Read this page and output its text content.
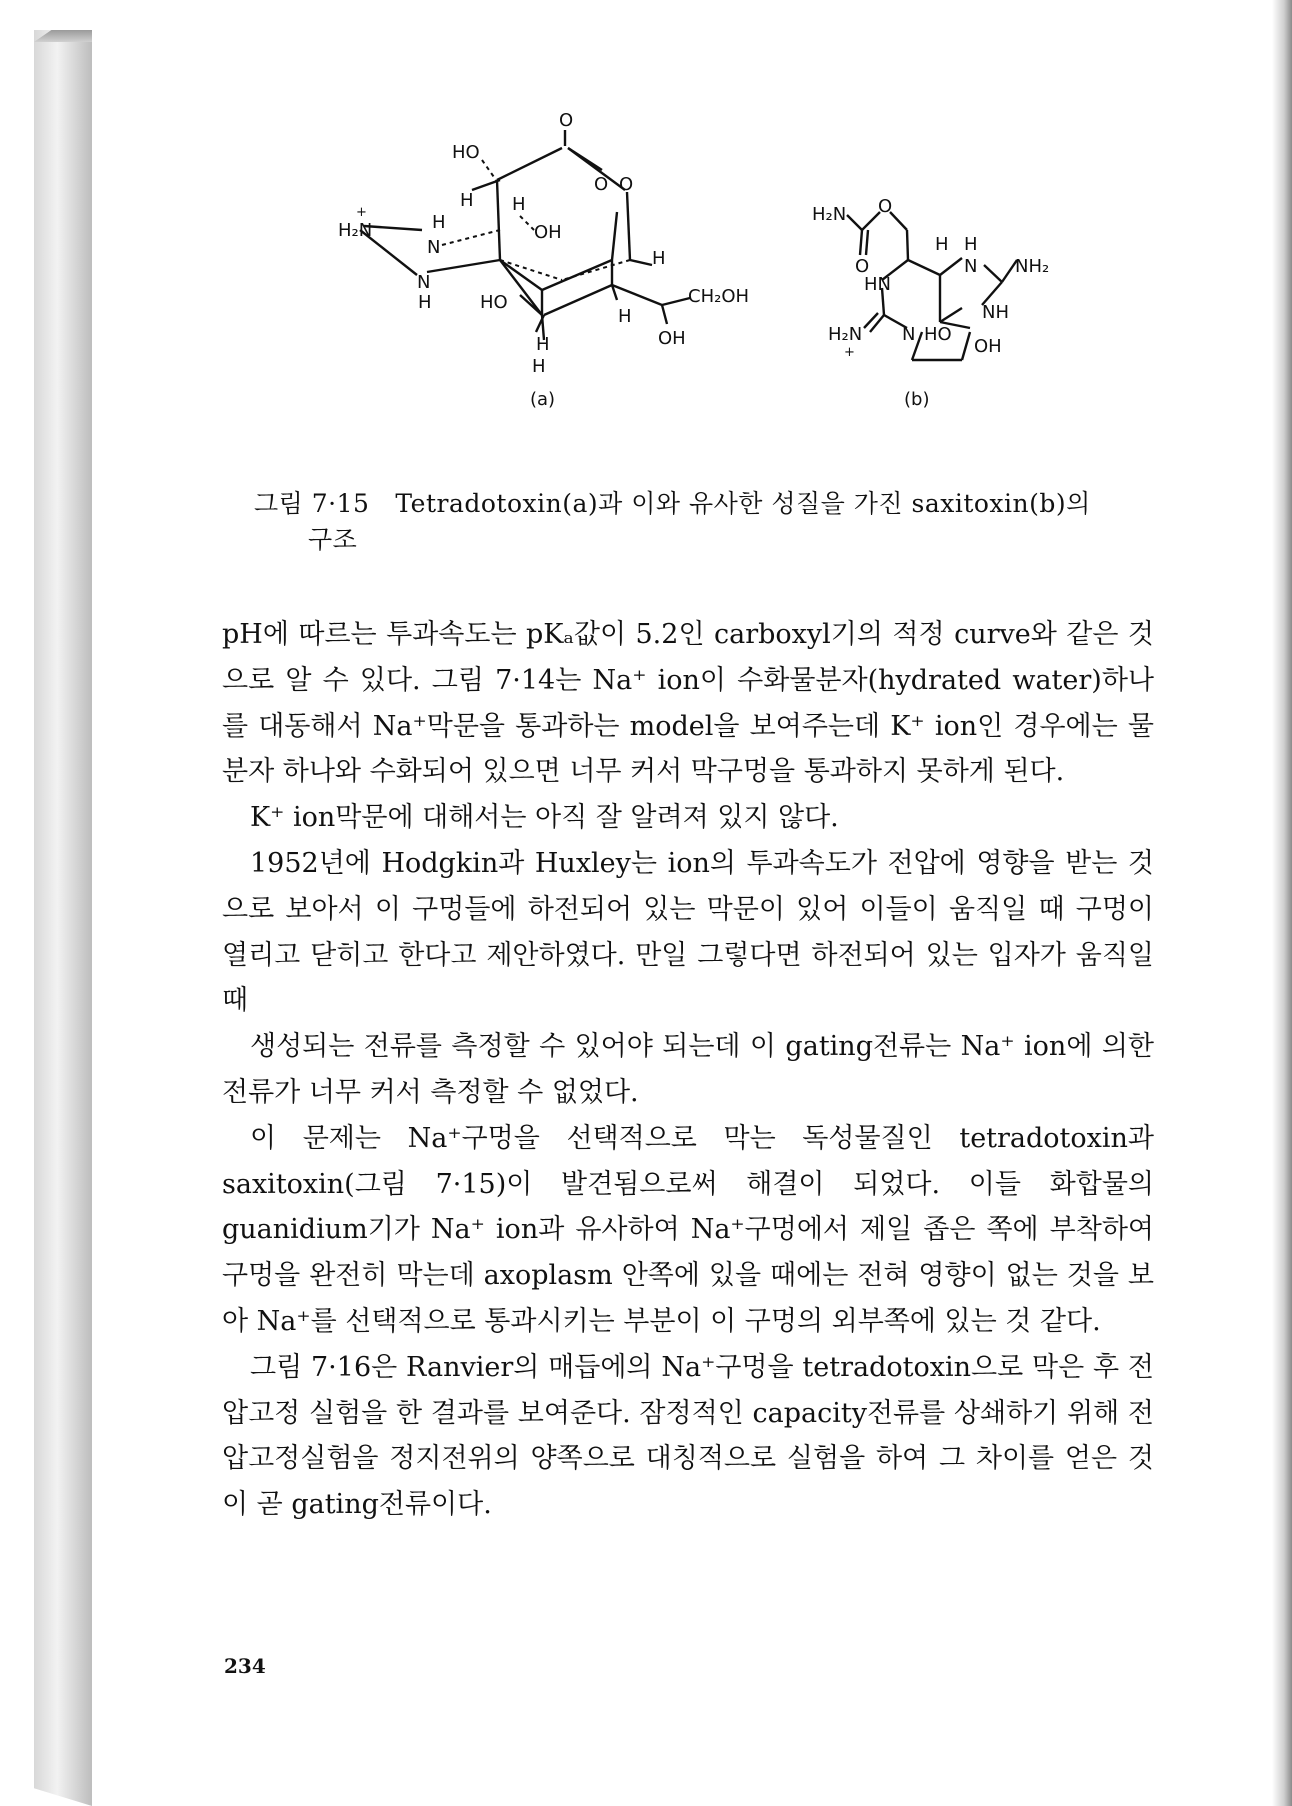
O
HO
H H
O O
H₂N	H
N
OH
H
N
H	HO
H
CH₂OH
H	OH
H
+
(a)
H₂N O
O
H H
HN
N NH₂
NH
H₂N N HO
OH
+
(b)
그림 7·15 Tetradotoxin(a)과 이와 유사한 성질을 가진 saxitoxin(b)의
구조

pH에 따르는 투과속도는 pKₐ값이 5.2인 carboxyl기의 적정 curve와 같은 것으로 알 수 있다. 그림 7·14는 Na⁺ ion이 수화물분자(hydrated water)하나를 대동해서 Na⁺막문을 통과하는 model을 보여주는데 K⁺ ion인 경우에는 물분자 하나와 수화되어 있으면 너무 커서 막구멍을 통과하지 못하게 된다.

K⁺ ion막문에 대해서는 아직 잘 알려져 있지 않다.

1952년에 Hodgkin과 Huxley는 ion의 투과속도가 전압에 영향을 받는 것으로 보아서 이 구멍들에 하전되어 있는 막문이 있어 이들이 움직일 때 구멍이 열리고 닫히고 한다고 제안하였다. 만일 그렇다면 하전되어 있는 입자가 움직일 때

생성되는 전류를 측정할 수 있어야 되는데 이 gating전류는 Na⁺ ion에 의한 전류가 너무 커서 측정할 수 없었다.

이 문제는 Na⁺구멍을 선택적으로 막는 독성물질인 tetradotoxin과 saxitoxin(그림 7·15)이 발견됨으로써 해결이 되었다. 이들 화합물의 guanidium기가 Na⁺ ion과 유사하여 Na⁺구멍에서 제일 좁은 쪽에 부착하여 구멍을 완전히 막는데 axoplasm 안쪽에 있을 때에는 전혀 영향이 없는 것을 보아 Na⁺를 선택적으로 통과시키는 부분이 이 구멍의 외부쪽에 있는 것 같다.

그림 7·16은 Ranvier의 매듭에의 Na⁺구멍을 tetradotoxin으로 막은 후 전압고정 실험을 한 결과를 보여준다. 잠정적인 capacity전류를 상쇄하기 위해 전압고정실험을 정지전위의 양쪽으로 대칭적으로 실험을 하여 그 차이를 얻은 것이 곧 gating전류이다.

234
